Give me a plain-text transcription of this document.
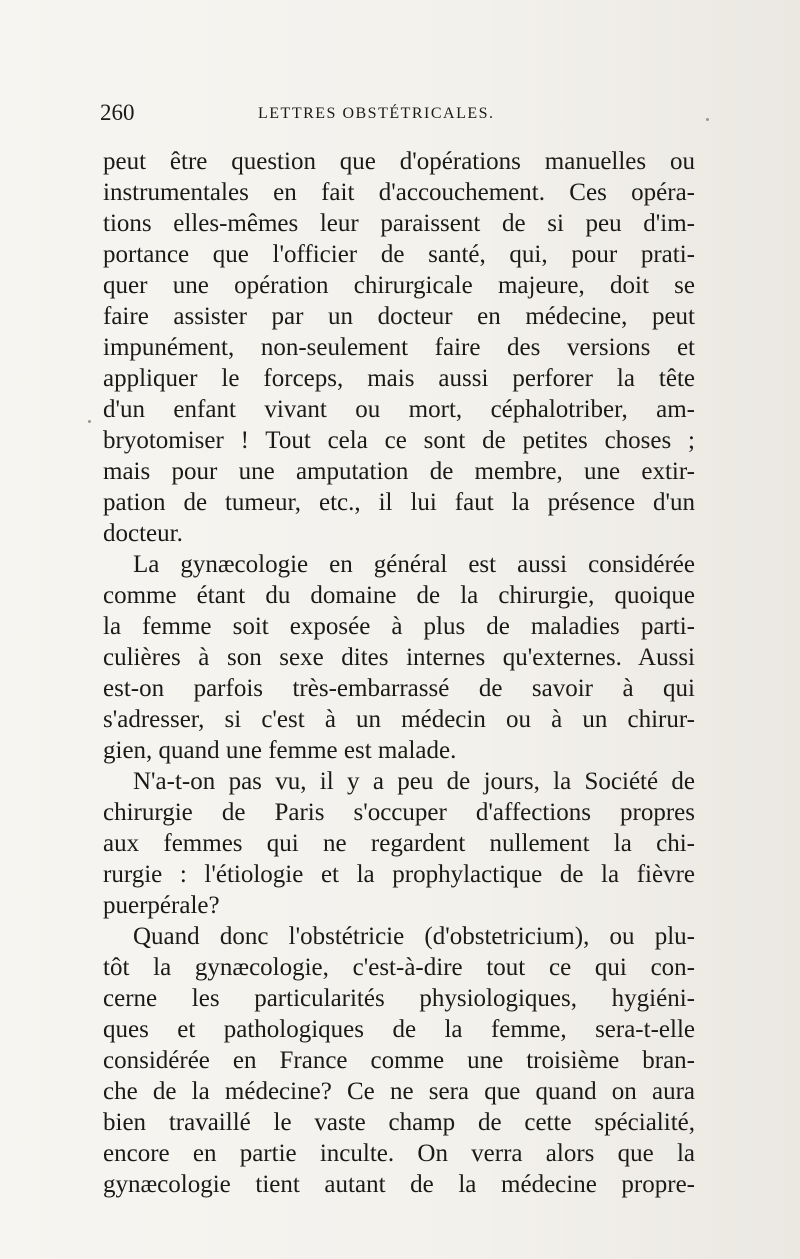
260	LETTRES OBSTÉTRICALES.
peut être question que d'opérations manuelles ou
instrumentales en fait d'accouchement. Ces opéra-
tions elles-mêmes leur paraissent de si peu d'im-
portance que l'officier de santé, qui, pour prati-
quer une opération chirurgicale majeure, doit se
faire assister par un docteur en médecine, peut
impunément, non-seulement faire des versions et
appliquer le forceps, mais aussi perforer la tête
d'un enfant vivant ou mort, céphalotriber, am-
bryotomiser ! Tout cela ce sont de petites choses ;
mais pour une amputation de membre, une extir-
pation de tumeur, etc., il lui faut la présence d'un
docteur.
La gynæcologie en général est aussi considérée
comme étant du domaine de la chirurgie, quoique
la femme soit exposée à plus de maladies parti-
culières à son sexe dites internes qu'externes. Aussi
est-on parfois très-embarrassé de savoir à qui
s'adresser, si c'est à un médecin ou à un chirur-
gien, quand une femme est malade.
N'a-t-on pas vu, il y a peu de jours, la Société de
chirurgie de Paris s'occuper d'affections propres
aux femmes qui ne regardent nullement la chi-
rurgie : l'étiologie et la prophylactique de la fièvre
puerpérale?
Quand donc l'obstétricie (d'obstetricium), ou plu-
tôt la gynæcologie, c'est-à-dire tout ce qui con-
cerne les particularités physiologiques, hygiéni-
ques et pathologiques de la femme, sera-t-elle
considérée en France comme une troisième bran-
che de la médecine? Ce ne sera que quand on aura
bien travaillé le vaste champ de cette spécialité,
encore en partie inculte. On verra alors que la
gynæcologie tient autant de la médecine propre-
